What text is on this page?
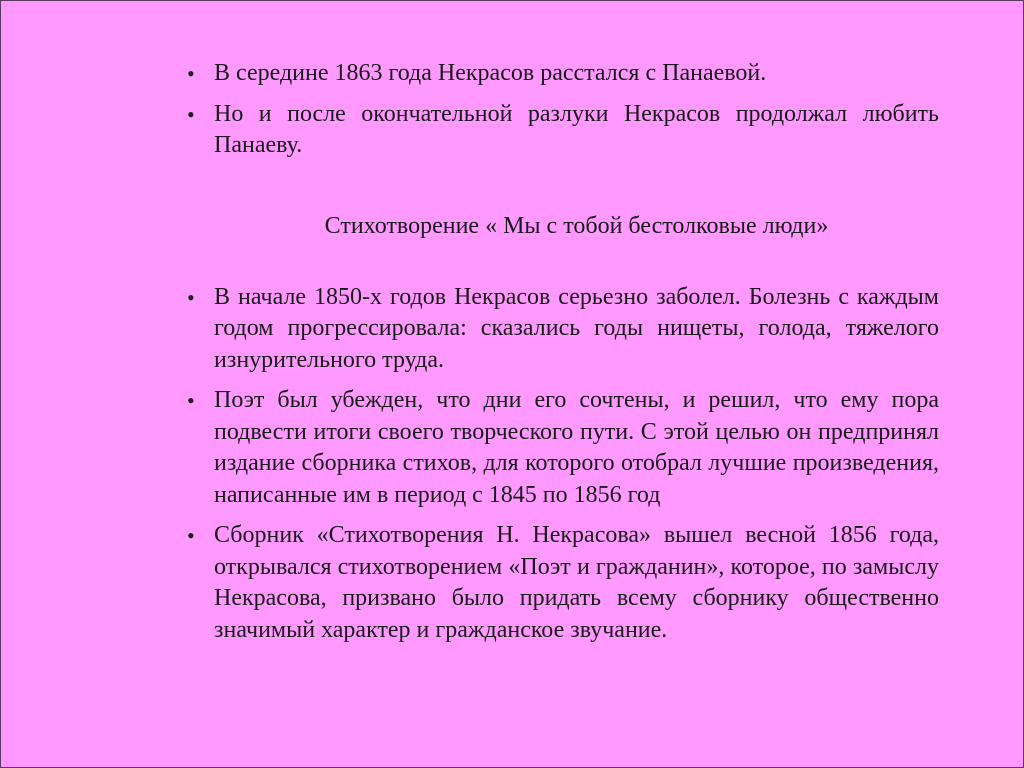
• В середине 1863 года Некрасов расстался с Панаевой.

• Но и после окончательной разлуки Некрасов продолжал любить Панаеву.

Стихотворение « Мы с тобой бестолковые люди»

• В начале 1850-х годов Некрасов серьезно заболел. Болезнь с каждым годом прогрессировала: сказались годы нищеты, голода, тяжелого изнурительного труда.

• Поэт был убежден, что дни его сочтены, и решил, что ему пора подвести итоги своего творческого пути. С этой целью он предпринял издание сборника стихов, для которого отобрал лучшие произведения, написанные им в период с 1845 по 1856 год

• Сборник «Стихотворения Н. Некрасова» вышел весной 1856 года, открывался стихотворением «Поэт и гражданин», которое, по замыслу Некрасова, призвано было придать всему сборнику общественно значимый характер и гражданское звучание.
